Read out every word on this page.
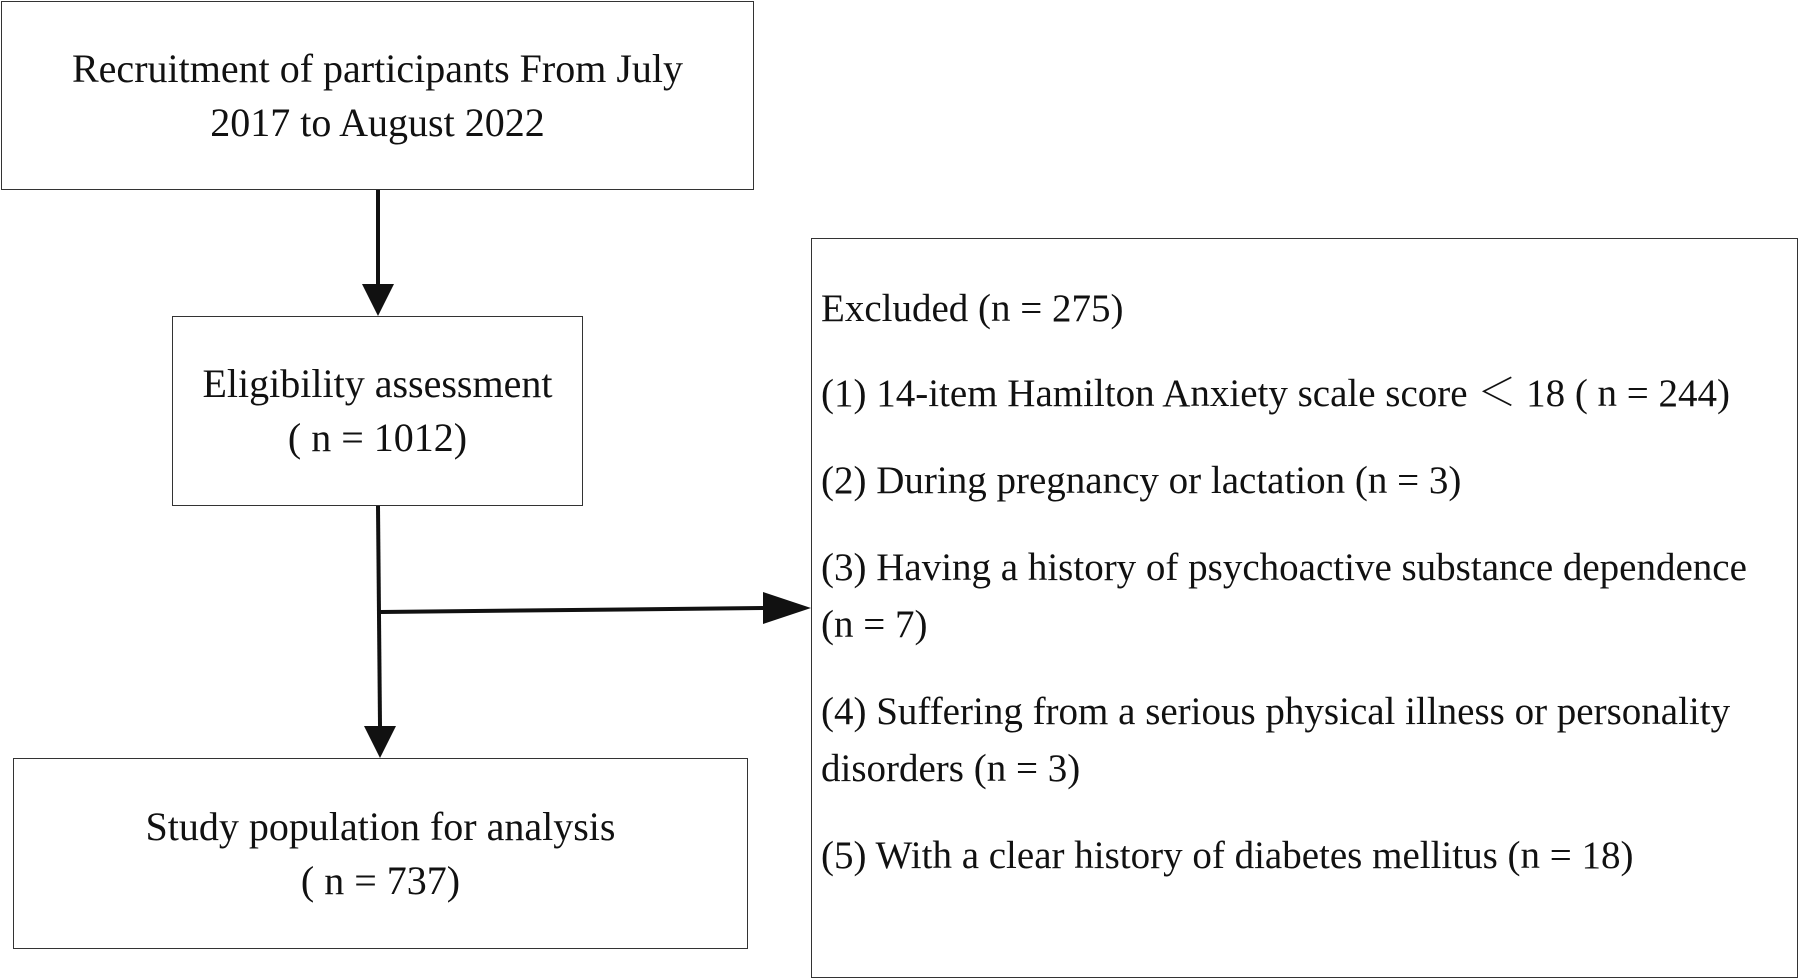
Recruitment of participants From July
2017 to August 2022
Eligibility assessment
( n = 1012)
Study population for analysis
( n = 737)
Excluded (n = 275)
(1) 14-item Hamilton Anxiety scale score ＜ 18 ( n = 244)
(2) During pregnancy or lactation (n = 3)
(3) Having a history of psychoactive substance dependence (n = 7)
(4) Suffering from a serious physical illness or personality disorders (n = 3)
(5) With a clear history of diabetes mellitus (n = 18)
